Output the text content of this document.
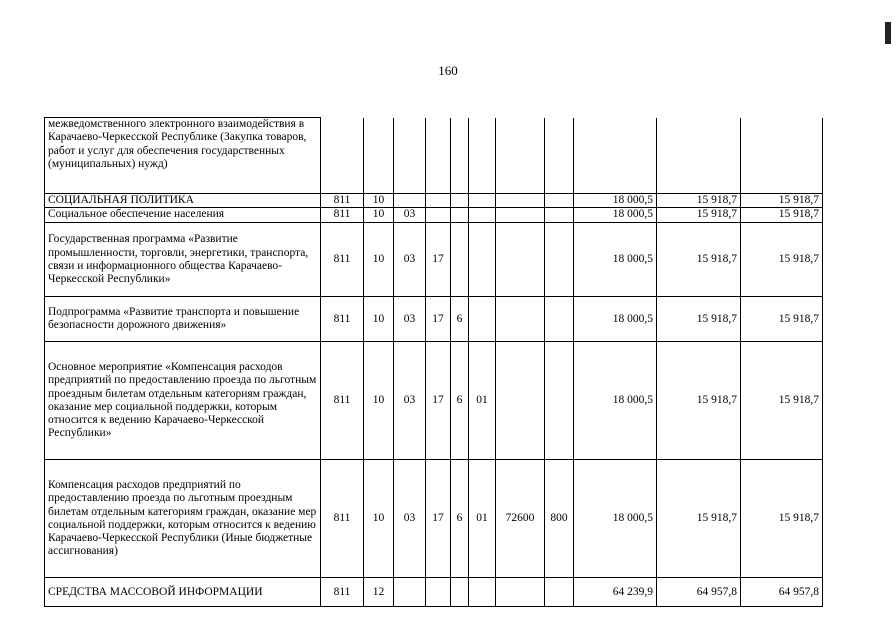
160
межведомственного электронного взаимодействия в Карачаево-Черкесской Республике (Закупка товаров, работ и услуг для обеспечения государственных (муниципальных) нужд)											
СОЦИАЛЬНАЯ ПОЛИТИКА	811	10							18 000,5	15 918,7	15 918,7
Социальное обеспечение населения	811	10	03						18 000,5	15 918,7	15 918,7
Государственная программа «Развитие промышленности, торговли, энергетики, транспорта, связи и информационного общества Карачаево-Черкесской Республики»	811	10	03	17					18 000,5	15 918,7	15 918,7
Подпрограмма «Развитие транспорта и повышение безопасности дорожного движения»	811	10	03	17	6				18 000,5	15 918,7	15 918,7
Основное мероприятие «Компенсация расходов предприятий по предоставлению проезда по льготным проездным билетам отдельным категориям граждан, оказание мер социальной поддержки, которым относится к ведению Карачаево-Черкесской Республики»	811	10	03	17	6	01			18 000,5	15 918,7	15 918,7
Компенсация расходов предприятий по предоставлению проезда по льготным проездным билетам отдельным категориям граждан, оказание мер социальной поддержки, которым относится к ведению Карачаево-Черкесской Республики (Иные бюджетные ассигнования)	811	10	03	17	6	01	72600	800	18 000,5	15 918,7	15 918,7
СРЕДСТВА МАССОВОЙ ИНФОРМАЦИИ	811	12							64 239,9	64 957,8	64 957,8
